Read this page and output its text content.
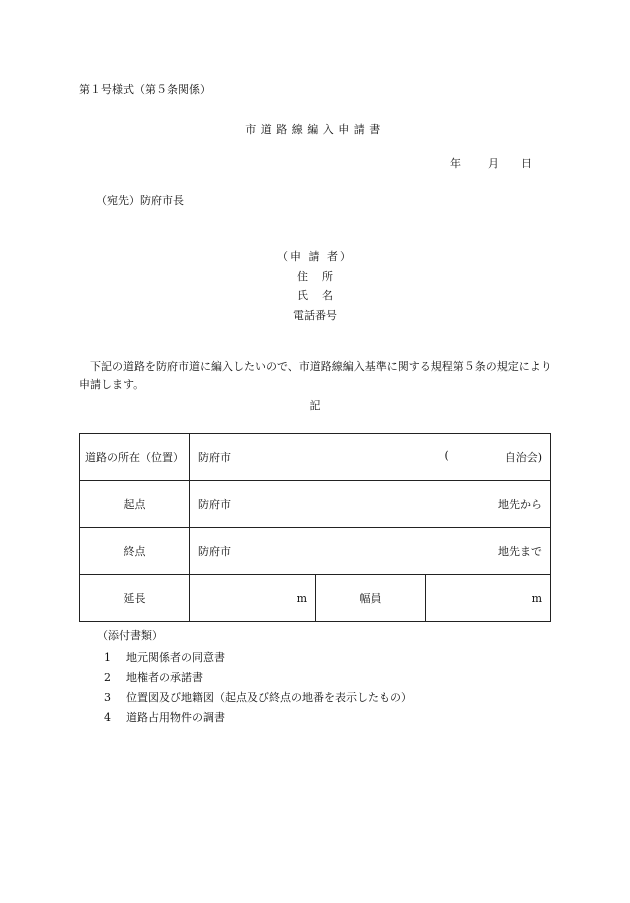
第１号様式（第５条関係）
市道路線編入申請書
年 月 日
（宛先）防府市長
（申 請 者）
住所
氏名
電話番号
下記の道路を防府市道に編入したいので、市道路線編入基準に関する規程第５条の規定により申請します。
記
道路の所在（位置）	防府市 ( 自治会)		

起点	防府市 地先から		

終点	防府市 地先まで		

延長	m	幅員	m
（添付書類）
1 地元関係者の同意書
2 地権者の承諾書
3 位置図及び地籍図（起点及び終点の地番を表示したもの）
4 道路占用物件の調書
